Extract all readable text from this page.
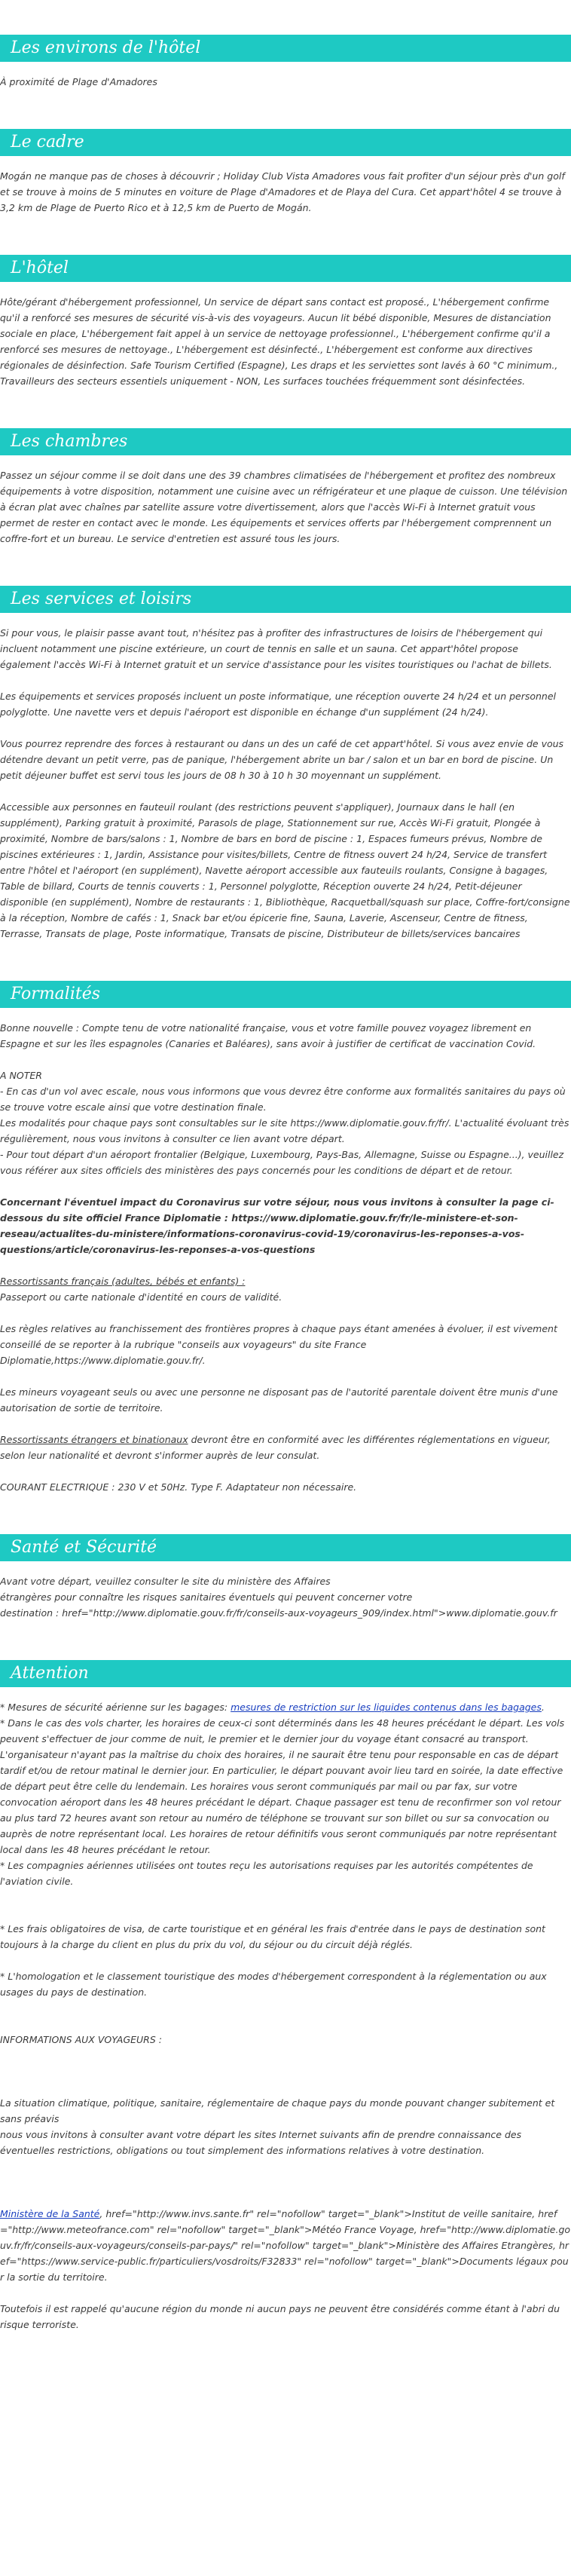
Les environs de l'hôtel

À proximité de Plage d'Amadores

Le cadre

Mogán ne manque pas de choses à découvrir ; Holiday Club Vista Amadores vous fait profiter d'un séjour près d'un golf et se trouve à moins de 5 minutes en voiture de Plage d'Amadores et de Playa del Cura. Cet appart'hôtel 4 se trouve à 3,2 km de Plage de Puerto Rico et à 12,5 km de Puerto de Mogán.

L'hôtel

Hôte/gérant d'hébergement professionnel, Un service de départ sans contact est proposé., L'hébergement confirme qu'il a renforcé ses mesures de sécurité vis-à-vis des voyageurs. Aucun lit bébé disponible, Mesures de distanciation sociale en place, L'hébergement fait appel à un service de nettoyage professionnel., L'hébergement confirme qu'il a renforcé ses mesures de nettoyage., L'hébergement est désinfecté., L'hébergement est conforme aux directives régionales de désinfection. Safe Tourism Certified (Espagne), Les draps et les serviettes sont lavés à 60 °C minimum., Travailleurs des secteurs essentiels uniquement - NON, Les surfaces touchées fréquemment sont désinfectées.

Les chambres

Passez un séjour comme il se doit dans une des 39 chambres climatisées de l'hébergement et profitez des nombreux équipements à votre disposition, notamment une cuisine avec un réfrigérateur et une plaque de cuisson. Une télévision à écran plat avec chaînes par satellite assure votre divertissement, alors que l'accès Wi-Fi à Internet gratuit vous permet de rester en contact avec le monde. Les équipements et services offerts par l'hébergement comprennent un coffre-fort et un bureau. Le service d'entretien est assuré tous les jours.

Les services et loisirs

Si pour vous, le plaisir passe avant tout, n'hésitez pas à profiter des infrastructures de loisirs de l'hébergement qui incluent notamment une piscine extérieure, un court de tennis en salle et un sauna. Cet appart'hôtel propose également l'accès Wi-Fi à Internet gratuit et un service d'assistance pour les visites touristiques ou l'achat de billets.

Les équipements et services proposés incluent un poste informatique, une réception ouverte 24 h/24 et un personnel polyglotte. Une navette vers et depuis l'aéroport est disponible en échange d'un supplément (24 h/24).

Vous pourrez reprendre des forces à restaurant ou dans un des un café de cet appart'hôtel. Si vous avez envie de vous détendre devant un petit verre, pas de panique, l'hébergement abrite un bar / salon et un bar en bord de piscine. Un petit déjeuner buffet est servi tous les jours de 08 h 30 à 10 h 30 moyennant un supplément.

Accessible aux personnes en fauteuil roulant (des restrictions peuvent s'appliquer), Journaux dans le hall (en supplément), Parking gratuit à proximité, Parasols de plage, Stationnement sur rue, Accès Wi-Fi gratuit, Plongée à proximité, Nombre de bars/salons : 1, Nombre de bars en bord de piscine : 1, Espaces fumeurs prévus, Nombre de piscines extérieures : 1, Jardin, Assistance pour visites/billets, Centre de fitness ouvert 24 h/24, Service de transfert entre l'hôtel et l'aéroport (en supplément), Navette aéroport accessible aux fauteuils roulants, Consigne à bagages, Table de billard, Courts de tennis couverts : 1, Personnel polyglotte, Réception ouverte 24 h/24, Petit-déjeuner disponible (en supplément), Nombre de restaurants : 1, Bibliothèque, Racquetball/squash sur place, Coffre-fort/consigne à la réception, Nombre de cafés : 1, Snack bar et/ou épicerie fine, Sauna, Laverie, Ascenseur, Centre de fitness, Terrasse, Transats de plage, Poste informatique, Transats de piscine, Distributeur de billets/services bancaires

Formalités

Bonne nouvelle : Compte tenu de votre nationalité française, vous et votre famille pouvez voyagez librement en Espagne et sur les îles espagnoles (Canaries et Baléares), sans avoir à justifier de certificat de vaccination Covid.

A NOTER

- En cas d'un vol avec escale, nous vous informons que vous devrez être conforme aux formalités sanitaires du pays où se trouve votre escale ainsi que votre destination finale.

Les modalités pour chaque pays sont consultables sur le site https://www.diplomatie.gouv.fr/fr/. L'actualité évoluant très régulièrement, nous vous invitons à consulter ce lien avant votre départ.

- Pour tout départ d'un aéroport frontalier (Belgique, Luxembourg, Pays-Bas, Allemagne, Suisse ou Espagne...), veuillez vous référer aux sites officiels des ministères des pays concernés pour les conditions de départ et de retour.

Concernant l'éventuel impact du Coronavirus sur votre séjour, nous vous invitons à consulter la page ci-dessous du site officiel France Diplomatie : https://www.diplomatie.gouv.fr/fr/le-ministere-et-son-reseau/actualites-du-ministere/informations-coronavirus-covid-19/coronavirus-les-reponses-a-vos-questions/article/coronavirus-les-reponses-a-vos-questions

Ressortissants français (adultes, bébés et enfants) :

Passeport ou carte nationale d'identité en cours de validité.

Les règles relatives au franchissement des frontières propres à chaque pays étant amenées à évoluer, il est vivement conseillé de se reporter à la rubrique "conseils aux voyageurs" du site France Diplomatie,https://www.diplomatie.gouv.fr/.

Les mineurs voyageant seuls ou avec une personne ne disposant pas de l'autorité parentale doivent être munis d'une autorisation de sortie de territoire.

Ressortissants étrangers et binationaux devront être en conformité avec les différentes réglementations en vigueur, selon leur nationalité et devront s'informer auprès de leur consulat.

COURANT ELECTRIQUE : 230 V et 50Hz. Type F. Adaptateur non nécessaire.

Santé et Sécurité

Avant votre départ, veuillez consulter le site du ministère des Affaires

étrangères pour connaître les risques sanitaires éventuels qui peuvent concerner votre

destination : href="http://www.diplomatie.gouv.fr/fr/conseils-aux-voyageurs_909/index.html">www.diplomatie.gouv.fr

Attention

* Mesures de sécurité aérienne sur les bagages: mesures de restriction sur les liquides contenus dans les bagages.

* Dans le cas des vols charter, les horaires de ceux-ci sont déterminés dans les 48 heures précédant le départ. Les vols peuvent s'effectuer de jour comme de nuit, le premier et le dernier jour du voyage étant consacré au transport. L'organisateur n'ayant pas la maîtrise du choix des horaires, il ne saurait être tenu pour responsable en cas de départ tardif et/ou de retour matinal le dernier jour. En particulier, le départ pouvant avoir lieu tard en soirée, la date effective de départ peut être celle du lendemain. Les horaires vous seront communiqués par mail ou par fax, sur votre convocation aéroport dans les 48 heures précédant le départ. Chaque passager est tenu de reconfirmer son vol retour au plus tard 72 heures avant son retour au numéro de téléphone se trouvant sur son billet ou sur sa convocation ou auprès de notre représentant local. Les horaires de retour définitifs vous seront communiqués par notre représentant local dans les 48 heures précédant le retour.

* Les compagnies aériennes utilisées ont toutes reçu les autorisations requises par les autorités compétentes de l'aviation civile.

* Les frais obligatoires de visa, de carte touristique et en général les frais d'entrée dans le pays de destination sont toujours à la charge du client en plus du prix du vol, du séjour ou du circuit déjà réglés.

* L'homologation et le classement touristique des modes d'hébergement correspondent à la réglementation ou aux usages du pays de destination.

INFORMATIONS AUX VOYAGEURS :

La situation climatique, politique, sanitaire, réglementaire de chaque pays du monde pouvant changer subitement et sans préavis

nous vous invitons à consulter avant votre départ les sites Internet suivants afin de prendre connaissance des éventuelles restrictions, obligations ou tout simplement des informations relatives à votre destination.

Ministère de la Santé, href="http://www.invs.sante.fr" rel="nofollow" target="_blank">Institut de veille sanitaire, href="http://www.meteofrance.com" rel="nofollow" target="_blank">Météo France Voyage, href="http://www.diplomatie.gouv.fr/fr/conseils-aux-voyageurs/conseils-par-pays/" rel="nofollow" target="_blank">Ministère des Affaires Etrangères, href="https://www.service-public.fr/particuliers/vosdroits/F32833" rel="nofollow" target="_blank">Documents légaux pour la sortie du territoire.

Toutefois il est rappelé qu'aucune région du monde ni aucun pays ne peuvent être considérés comme étant à l'abri du risque terroriste.
